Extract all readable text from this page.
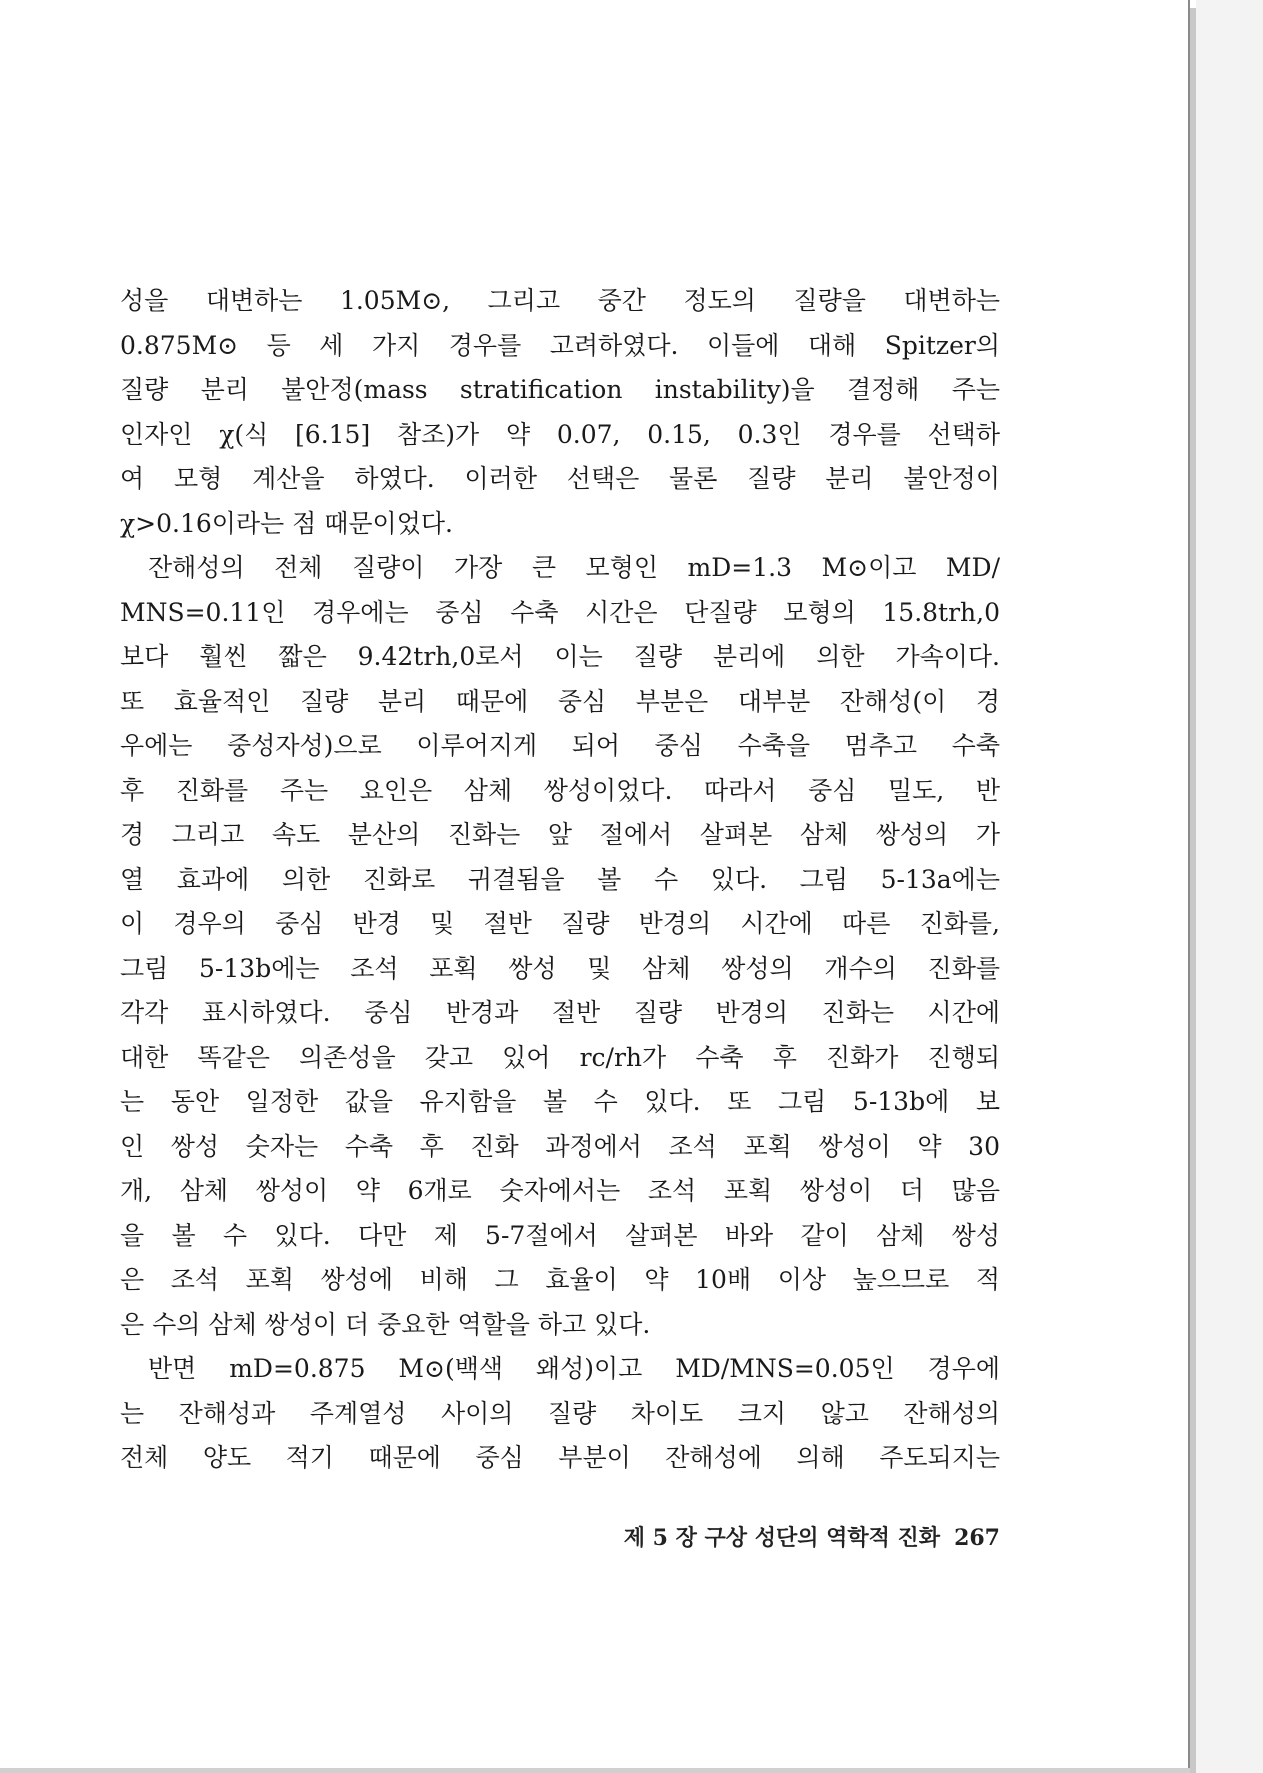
성을 대변하는 1.05M⊙, 그리고 중간 정도의 질량을 대변하는
0.875M⊙ 등 세 가지 경우를 고려하였다. 이들에 대해 Spitzer의
질량 분리 불안정(mass stratification instability)을 결정해 주는
인자인 χ(식 [6.15] 참조)가 약 0.07, 0.15, 0.3인 경우를 선택하
여 모형 계산을 하였다. 이러한 선택은 물론 질량 분리 불안정이
χ>0.16이라는 점 때문이었다.
잔해성의 전체 질량이 가장 큰 모형인 mD=1.3 M⊙이고 MD/
MNS=0.11인 경우에는 중심 수축 시간은 단질량 모형의 15.8trh,0
보다 훨씬 짧은 9.42trh,0로서 이는 질량 분리에 의한 가속이다.
또 효율적인 질량 분리 때문에 중심 부분은 대부분 잔해성(이 경
우에는 중성자성)으로 이루어지게 되어 중심 수축을 멈추고 수축
후 진화를 주는 요인은 삼체 쌍성이었다. 따라서 중심 밀도, 반
경 그리고 속도 분산의 진화는 앞 절에서 살펴본 삼체 쌍성의 가
열 효과에 의한 진화로 귀결됨을 볼 수 있다. 그림 5-13a에는
이 경우의 중심 반경 및 절반 질량 반경의 시간에 따른 진화를,
그림 5-13b에는 조석 포획 쌍성 및 삼체 쌍성의 개수의 진화를
각각 표시하였다. 중심 반경과 절반 질량 반경의 진화는 시간에
대한 똑같은 의존성을 갖고 있어 rc/rh가 수축 후 진화가 진행되
는 동안 일정한 값을 유지함을 볼 수 있다. 또 그림 5-13b에 보
인 쌍성 숫자는 수축 후 진화 과정에서 조석 포획 쌍성이 약 30
개, 삼체 쌍성이 약 6개로 숫자에서는 조석 포획 쌍성이 더 많음
을 볼 수 있다. 다만 제 5-7절에서 살펴본 바와 같이 삼체 쌍성
은 조석 포획 쌍성에 비해 그 효율이 약 10배 이상 높으므로 적
은 수의 삼체 쌍성이 더 중요한 역할을 하고 있다.
반면 mD=0.875 M⊙(백색 왜성)이고 MD/MNS=0.05인 경우에
는 잔해성과 주계열성 사이의 질량 차이도 크지 않고 잔해성의
전체 양도 적기 때문에 중심 부분이 잔해성에 의해 주도되지는
제 5 장 구상 성단의 역학적 진화 267
